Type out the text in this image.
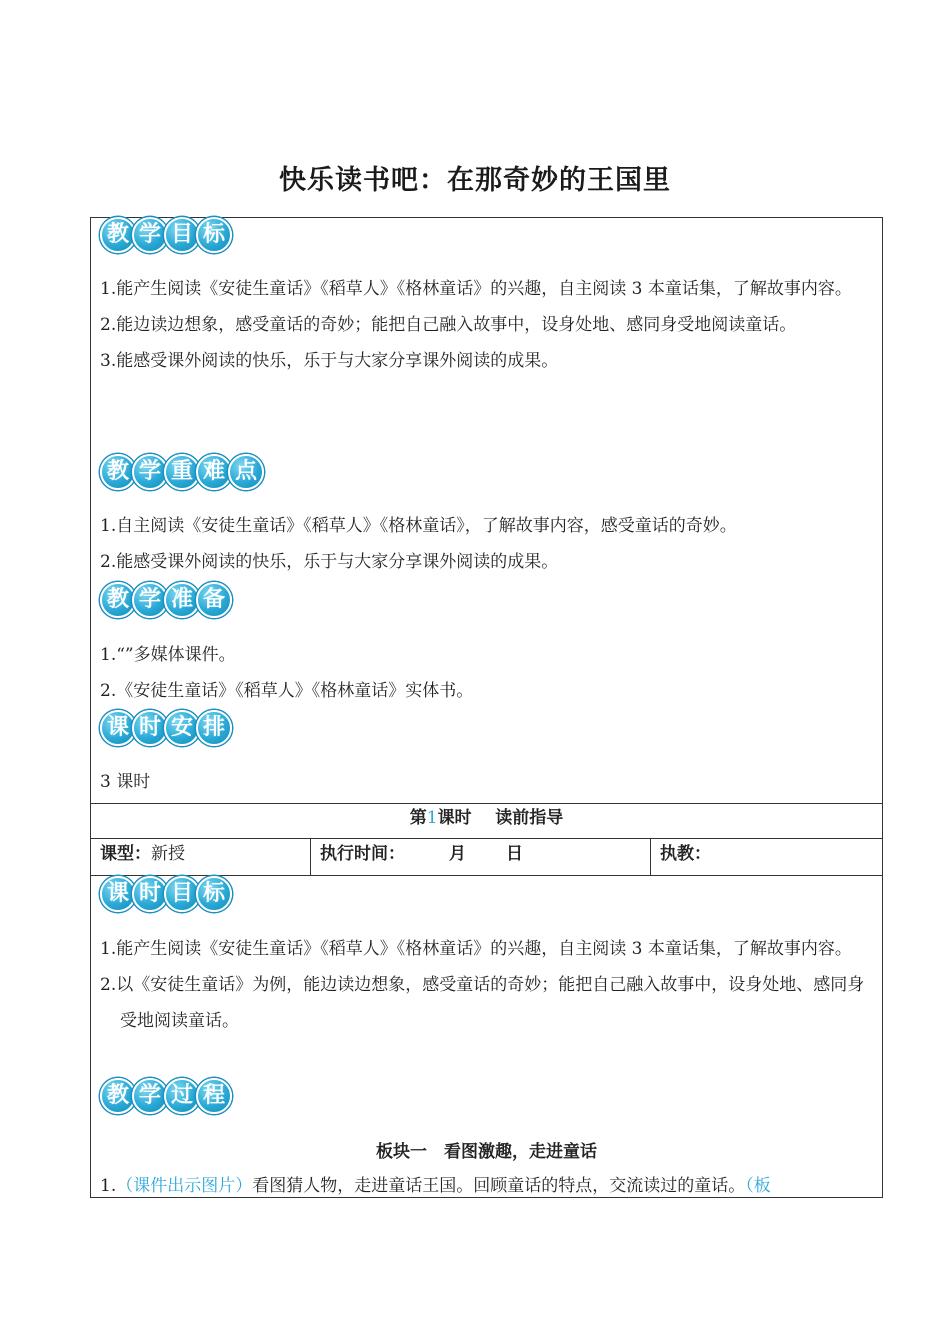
快乐读书吧：在那奇妙的王国里
教 学 目 标
1.能产生阅读《安徒生童话》《稻草人》《格林童话》的兴趣，自主阅读 3 本童话集，了解故事内容。
2.能边读边想象，感受童话的奇妙；能把自己融入故事中，设身处地、感同身受地阅读童话。
3.能感受课外阅读的快乐，乐于与大家分享课外阅读的成果。
教 学 重 难 点
1.自主阅读《安徒生童话》《稻草人》《格林童话》，了解故事内容，感受童话的奇妙。
2.能感受课外阅读的快乐，乐于与大家分享课外阅读的成果。
教 学 准 备
1.“”多媒体课件。
2.《安徒生童话》《稻草人》《格林童话》实体书。
课 时 安 排
3 课时
第1课时 读前指导
课型：新授	执行时间：	月 日	执教：
课 时 目 标
1.能产生阅读《安徒生童话》《稻草人》《格林童话》的兴趣，自主阅读 3 本童话集，了解故事内容。
2.以《安徒生童话》为例，能边读边想象，感受童话的奇妙；能把自己融入故事中，设身处地、感同身受地阅读童话。
教 学 过 程
板块一　看图激趣，走进童话
1.（课件出示图片）看图猜人物，走进童话王国。回顾童话的特点，交流读过的童话。（板
